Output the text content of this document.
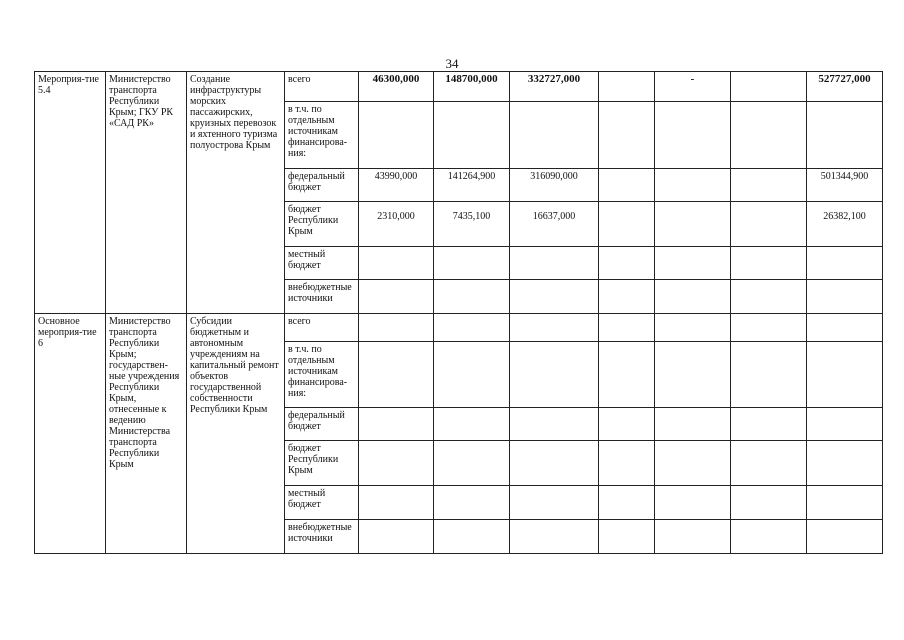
34
Мероприя-тие 5.4	Министерство транспорта Республики Крым; ГКУ РК «САД РК»	Создание инфраструктуры морских пассажирских, круизных перевозок и яхтенного туризма полуострова Крым	всего	46300,000	148700,000	332727,000		-		527727,000
			в т.ч. по отдельным источникам финансирова-ния:							
			федеральный бюджет	43990,000	141264,900	316090,000				501344,900
			бюджет Республики Крым	2310,000	7435,100	16637,000				26382,100
			местный бюджет							
			внебюджетные источники							
Основное мероприя-тие 6	Министерство транспорта Республики Крым; государствен-ные учреждения Республики Крым, отнесенные к ведению Министерства транспорта Республики Крым	Субсидии бюджетным и автономным учреждениям на капитальный ремонт объектов государственной собственности Республики Крым	всего							
			в т.ч. по отдельным источникам финансирова-ния:							
			федеральный бюджет							
			бюджет Республики Крым							
			местный бюджет							
			внебюджетные источники							
